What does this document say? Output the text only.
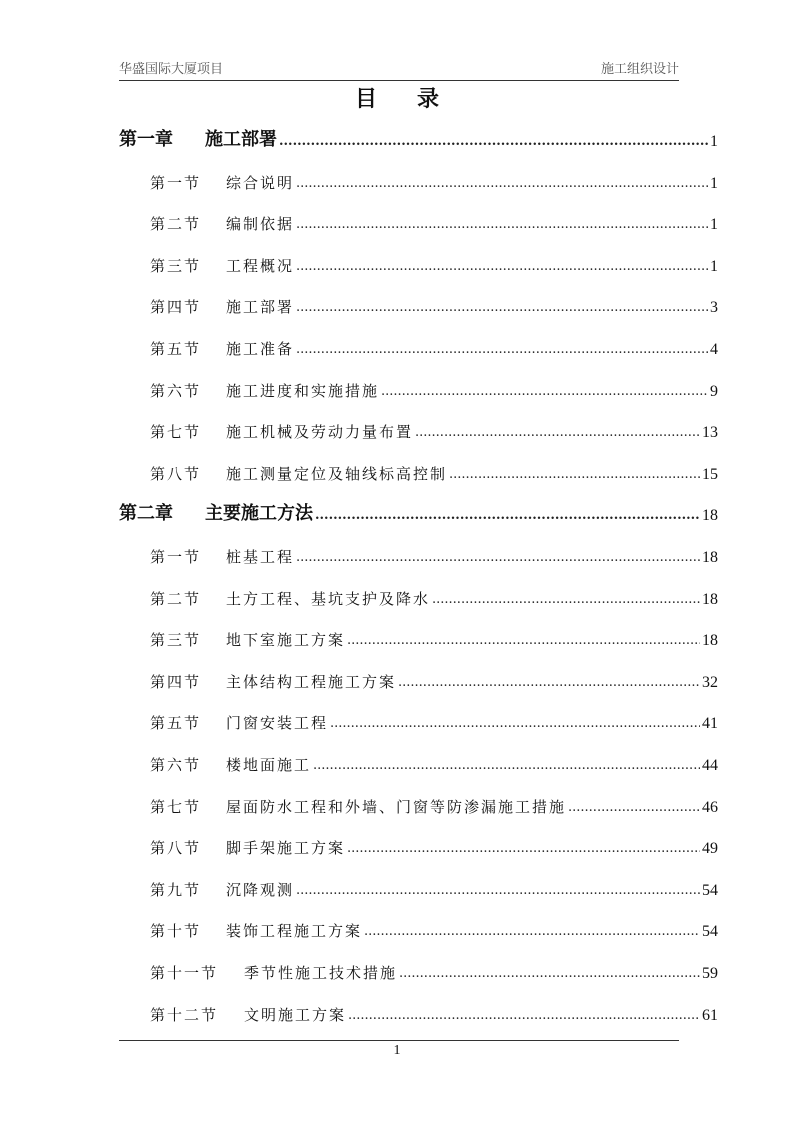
华盛国际大厦项目	施工组织设计
目录
第一章	施工部署 .....	1
第一节	综合说明 .....	1
第二节	编制依据 .....	1
第三节	工程概况 .....	1
第四节	施工部署 .....	3
第五节	施工准备 .....	4
第六节	施工进度和实施措施 .....	9
第七节	施工机械及劳动力量布置 .....	13
第八节	施工测量定位及轴线标高控制 .....	15
第二章	主要施工方法 .....	18
第一节	桩基工程 .....	18
第二节	土方工程、基坑支护及降水 .....	18
第三节	地下室施工方案 .....	18
第四节	主体结构工程施工方案 .....	32
第五节	门窗安装工程 .....	41
第六节	楼地面施工 .....	44
第七节	屋面防水工程和外墙、门窗等防渗漏施工措施 .....	46
第八节	脚手架施工方案 .....	49
第九节	沉降观测 .....	54
第十节	装饰工程施工方案 .....	54
第十一节	季节性施工技术措施 .....	59
第十二节	文明施工方案 .....	61
1
